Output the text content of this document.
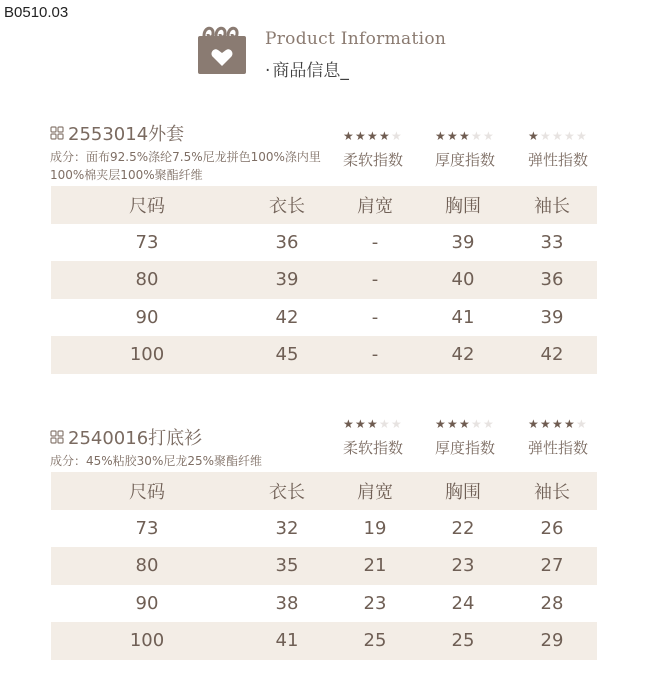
B0510.03
Product Information
· 商品信息_
2553014外套
成分：面布92.5%涤纶7.5%尼龙拼色100%涤内里100%棉夹层100%聚酯纤维
★ ★ ★ ★ ★
柔软指数
★ ★ ★ ★ ★
厚度指数
★ ★ ★ ★ ★
弹性指数
尺码	衣长	肩宽	胸围	袖长
73	36	-	39	33
80	39	-	40	36
90	42	-	41	39
100	45	-	42	42
2540016打底衫
成分：45%粘胶30%尼龙25%聚酯纤维
★ ★ ★ ★ ★
柔软指数
★ ★ ★ ★ ★
厚度指数
★ ★ ★ ★ ★
弹性指数
尺码	衣长	肩宽	胸围	袖长
73	32	19	22	26
80	35	21	23	27
90	38	23	24	28
100	41	25	25	29
